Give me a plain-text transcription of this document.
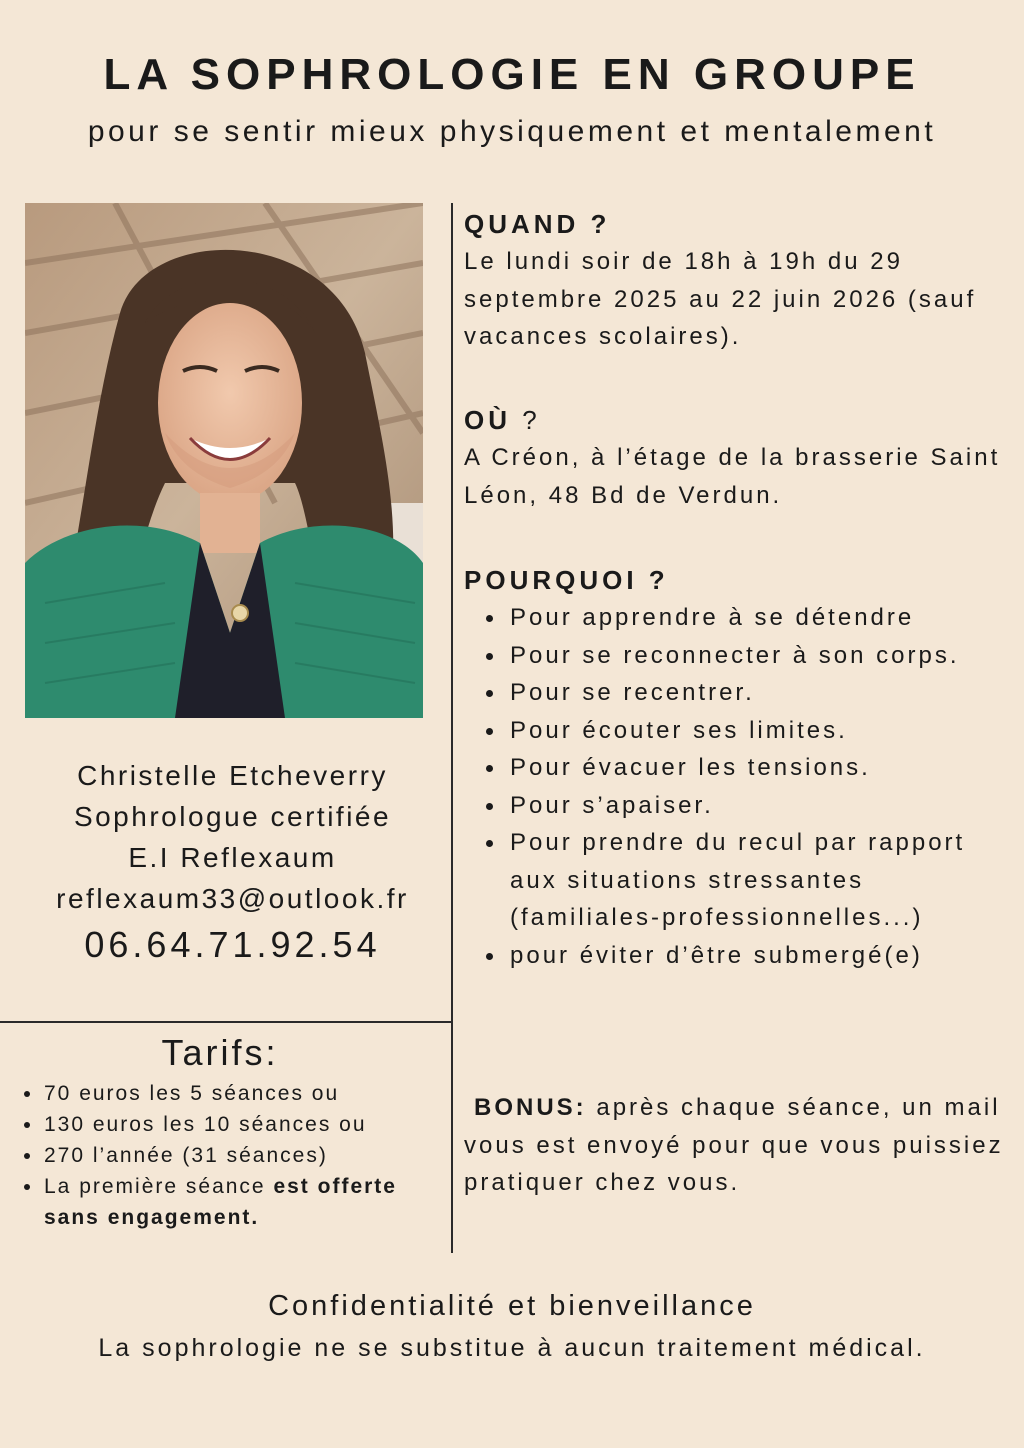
LA SOPHROLOGIE EN GROUPE
pour se sentir mieux physiquement et mentalement
Christelle Etcheverry
Sophrologue certifiée
E.I Reflexaum
reflexaum33@outlook.fr
06.64.71.92.54
Tarifs:
70 euros les 5 séances ou
130 euros les 10 séances ou
270 l’année (31 séances)
La première séance est offerte sans engagement.
QUAND ?

Le lundi soir de 18h à 19h du 29 septembre 2025 au 22 juin 2026 (sauf vacances scolaires).

OÙ ?

A Créon, à l’étage de la brasserie Saint Léon, 48 Bd de Verdun.

POURQUOI ?
Pour apprendre à se détendre
Pour se reconnecter à son corps.
Pour se recentrer.
Pour écouter ses limites.
Pour évacuer les tensions.
Pour s’apaiser.
Pour prendre du recul par rapport aux situations stressantes (familiales-professionnelles...)
pour éviter d’être submergé(e)

BONUS: après chaque séance, un mail vous est envoyé pour que vous puissiez pratiquer chez vous.

Confidentialité et bienveillance
La sophrologie ne se substitue à aucun traitement médical.
